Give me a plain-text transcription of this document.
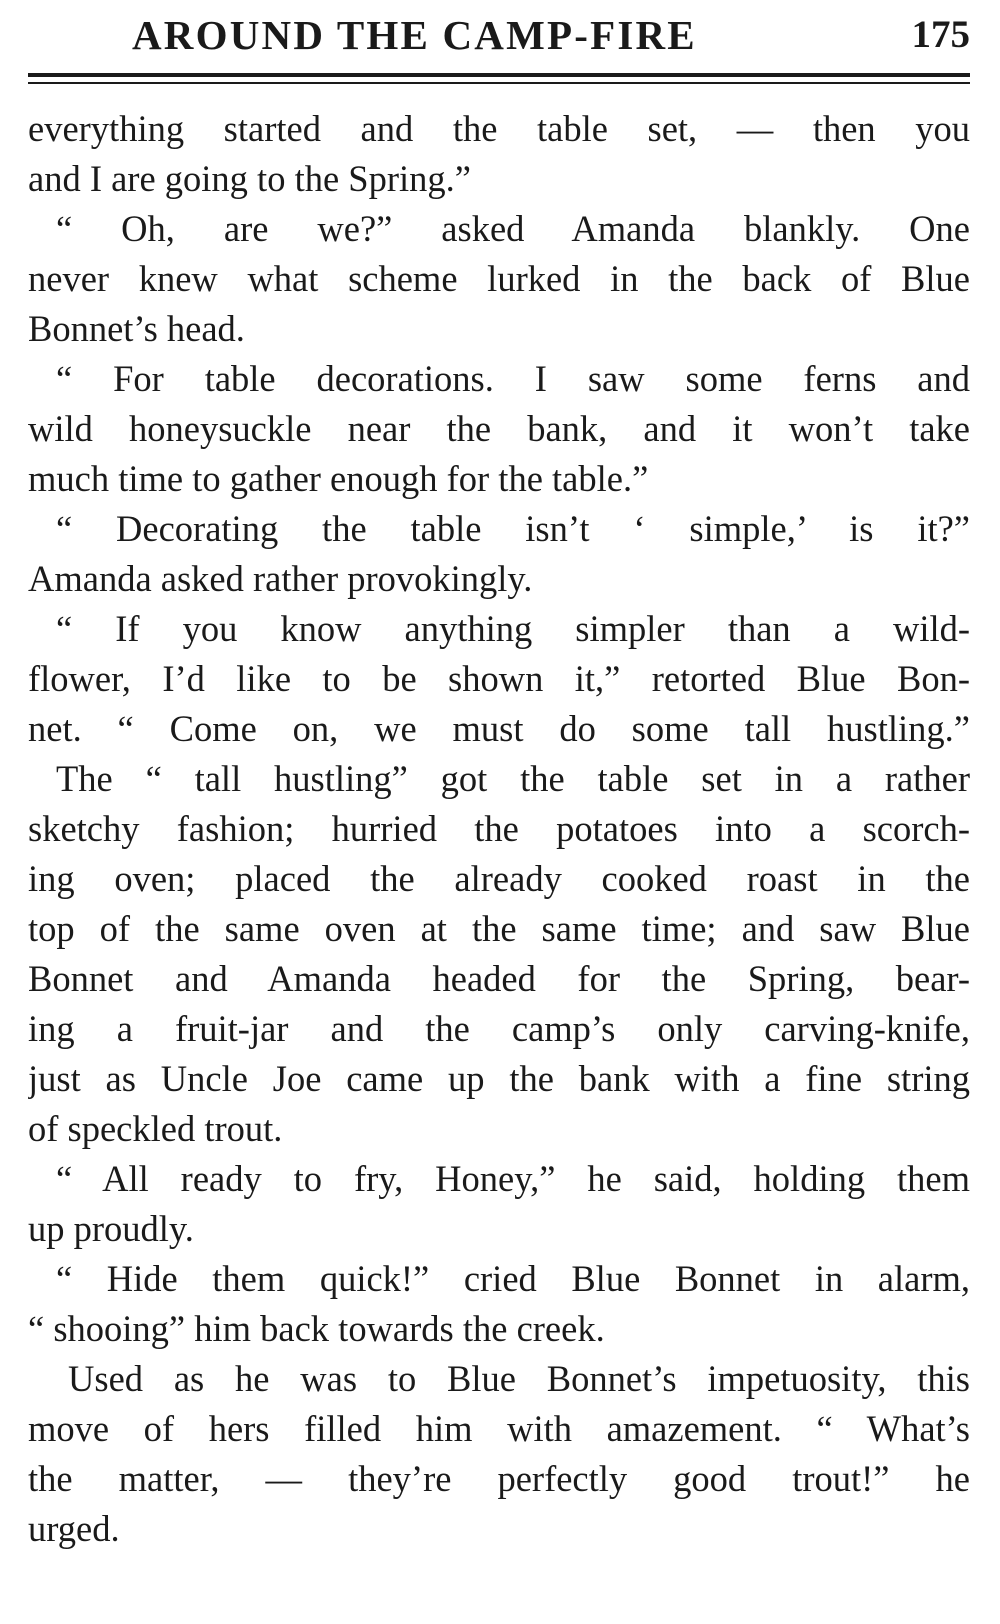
AROUND THE CAMP-FIRE	175
everything started and the table set, — then you
and I are going to the Spring.”
“ Oh, are we?” asked Amanda blankly. One
never knew what scheme lurked in the back of Blue
Bonnet’s head.
“ For table decorations. I saw some ferns and
wild honeysuckle near the bank, and it won’t take
much time to gather enough for the table.”
“ Decorating the table isn’t ‘ simple,’ is it?”
Amanda asked rather provokingly.
“ If you know anything simpler than a wild-
flower, I’d like to be shown it,” retorted Blue Bon-
net. “ Come on, we must do some tall hustling.”
The “ tall hustling” got the table set in a rather
sketchy fashion; hurried the potatoes into a scorch-
ing oven; placed the already cooked roast in the
top of the same oven at the same time; and saw Blue
Bonnet and Amanda headed for the Spring, bear-
ing a fruit-jar and the camp’s only carving-knife,
just as Uncle Joe came up the bank with a fine string
of speckled trout.
“ All ready to fry, Honey,” he said, holding them
up proudly.
“ Hide them quick!” cried Blue Bonnet in alarm,
“ shooing” him back towards the creek.
Used as he was to Blue Bonnet’s impetuosity, this
move of hers filled him with amazement. “ What’s
the matter, — they’re perfectly good trout!” he
urged.
